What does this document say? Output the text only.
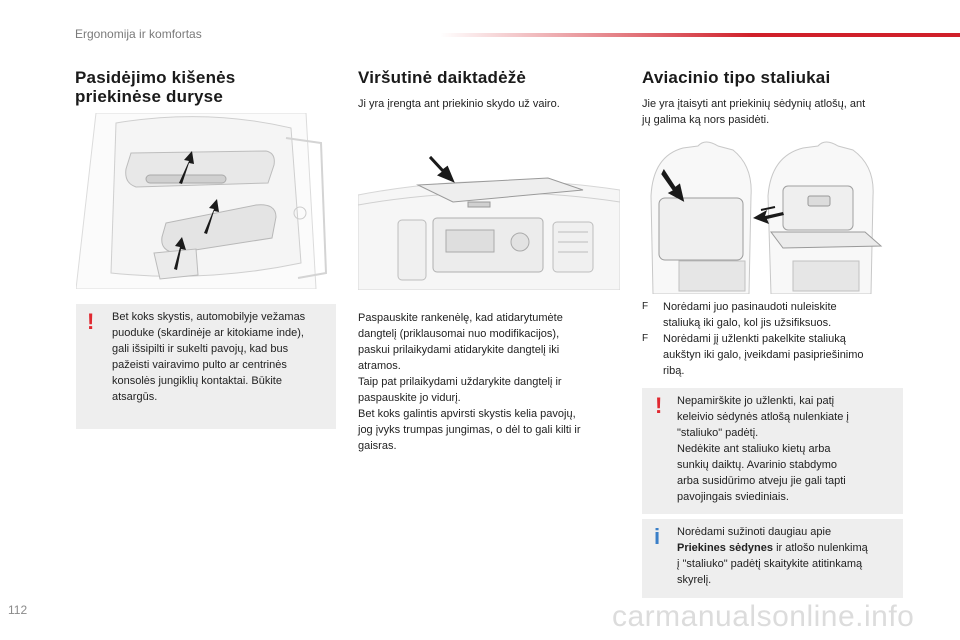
Ergonomija ir komfortas
Pasidėjimo kišenės
priekinėse duryse
! Bet koks skystis, automobilyje vežamas
puoduke (skardinėje ar kitokiame inde),
gali išsipilti ir sukelti pavojų, kad bus
pažeisti vairavimo pulto ar centrinės
konsolės jungiklių kontaktai. Būkite
atsargūs.
Viršutinė daiktadėžė
Ji yra įrengta ant priekinio skydo už vairo.
Paspauskite rankenėlę, kad atidarytumėte
dangtelį (priklausomai nuo modifikacijos),
paskui prilaikydami atidarykite dangtelį iki
atramos.
Taip pat prilaikydami uždarykite dangtelį ir
paspauskite jo vidurį.
Bet koks galintis apvirsti skystis kelia pavojų,
jog įvyks trumpas jungimas, o dėl to gali kilti ir
gaisras.
Aviacinio tipo staliukai
Jie yra įtaisyti ant priekinių sėdynių atlošų, ant
jų galima ką nors pasidėti.
F Norėdami juo pasinaudoti nuleiskite
staliuką iki galo, kol jis užsifiksuos.
F Norėdami jį užlenkti pakelkite staliuką
aukštyn iki galo, įveikdami pasipriešinimo
ribą.
! Nepamirškite jo užlenkti, kai patį
keleivio sėdynės atlošą nulenkiate į
"staliuko" padėtį.
Nedėkite ant staliuko kietų arba
sunkių daiktų. Avarinio stabdymo
arba susidūrimo atveju jie gali tapti
pavojingais sviediniais.
i Norėdami sužinoti daugiau apie
Priekines sėdynes ir atlošo nulenkimą
į "staliuko" padėtį skaitykite atitinkamą
skyrelį.
112	carmanualsonline.info
